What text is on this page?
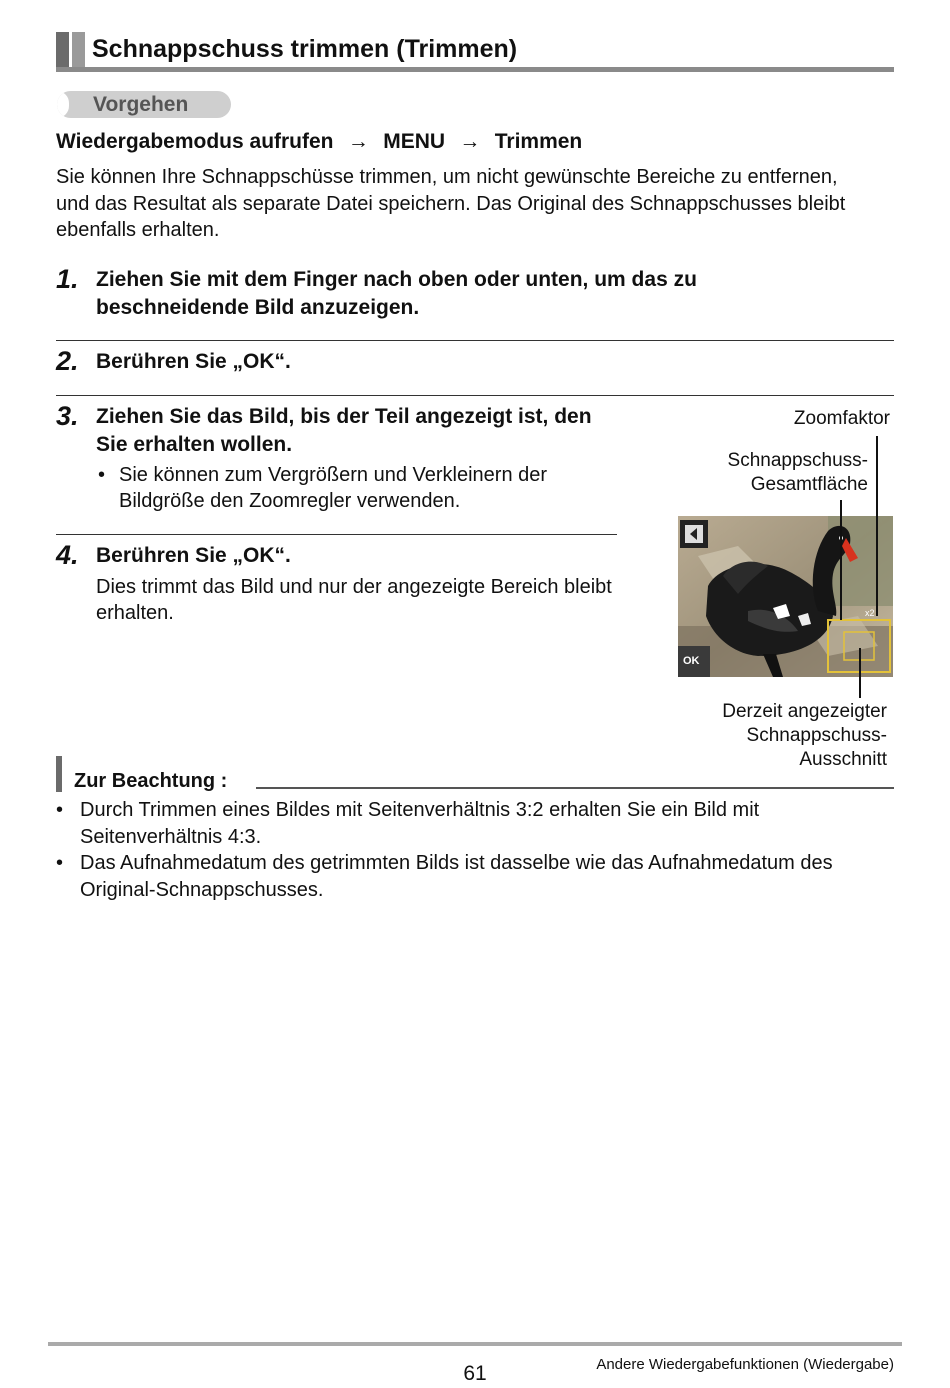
Schnappschuss trimmen (Trimmen)
Vorgehen
Wiedergabemodus aufrufen → MENU → Trimmen
Sie können Ihre Schnappschüsse trimmen, um nicht gewünschte Bereiche zu entfernen, und das Resultat als separate Datei speichern. Das Original des Schnappschusses bleibt ebenfalls erhalten.
1. Ziehen Sie mit dem Finger nach oben oder unten, um das zu beschneidende Bild anzuzeigen.
2. Berühren Sie „OK“.
3. Ziehen Sie das Bild, bis der Teil angezeigt ist, den Sie erhalten wollen.
• Sie können zum Vergrößern und Verkleinern der Bildgröße den Zoomregler verwenden.
4. Berühren Sie „OK“.
Dies trimmt das Bild und nur der angezeigte Bereich bleibt erhalten.
Zoomfaktor
Schnappschuss-
Gesamtfläche
Derzeit angezeigter
Schnappschuss-
Ausschnitt
OK
x2
Zur Beachtung :
• Durch Trimmen eines Bildes mit Seitenverhältnis 3:2 erhalten Sie ein Bild mit Seitenverhältnis 4:3.
• Das Aufnahmedatum des getrimmten Bilds ist dasselbe wie das Aufnahmedatum des Original-Schnappschusses.
61	Andere Wiedergabefunktionen (Wiedergabe)
